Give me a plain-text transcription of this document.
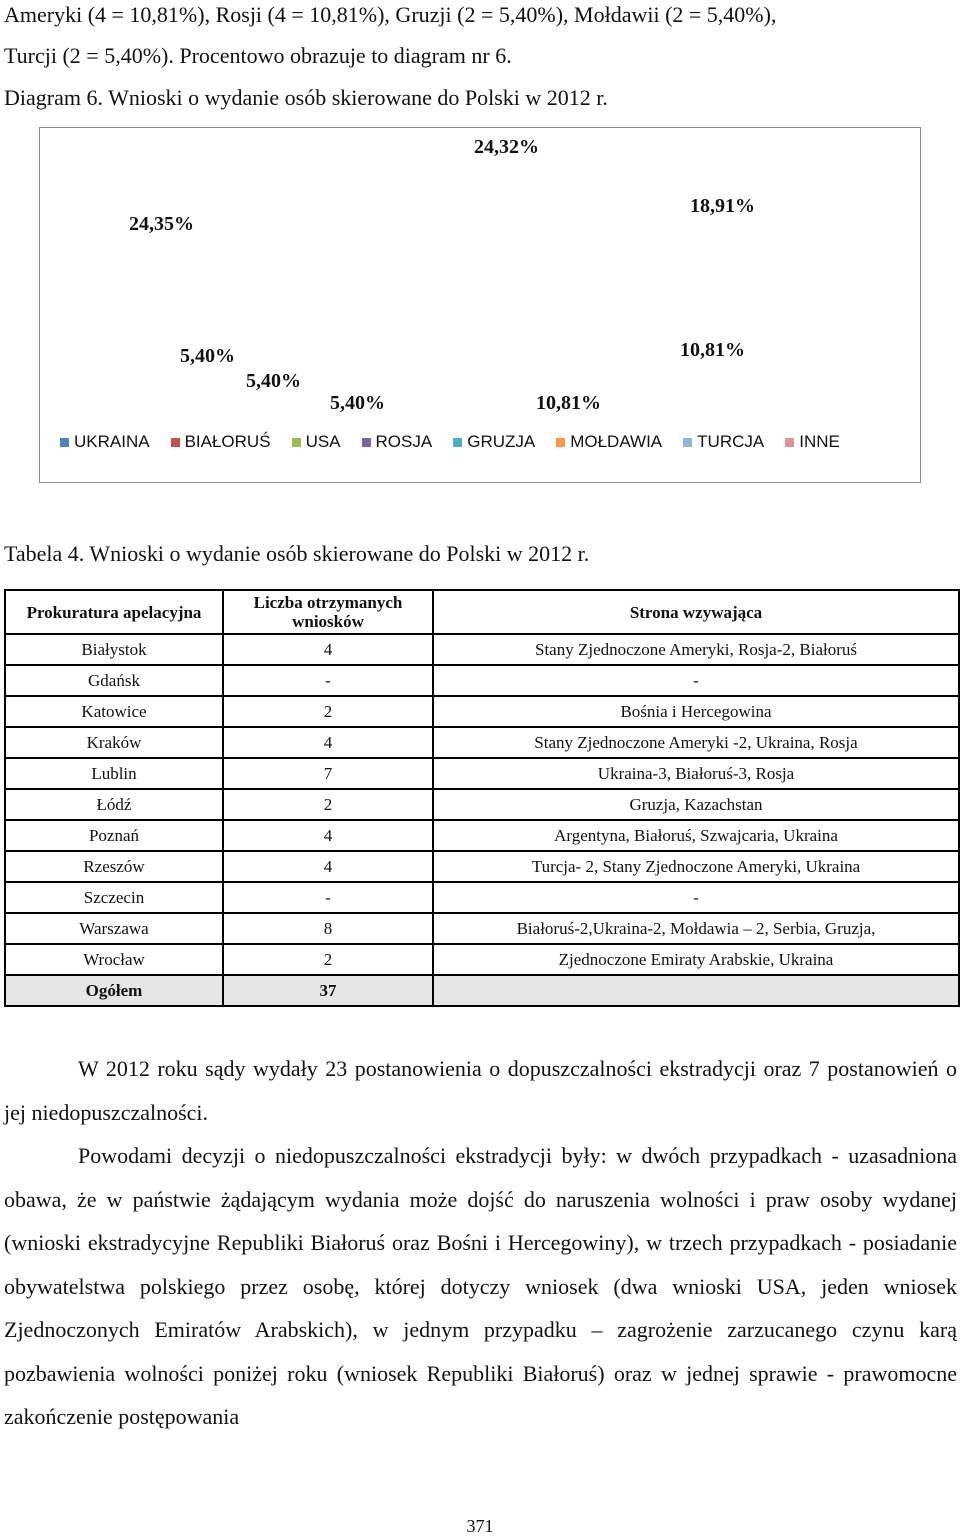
Ameryki (4 = 10,81%), Rosji (4 = 10,81%), Gruzji (2 = 5,40%), Mołdawii (2 = 5,40%),
Turcji (2 = 5,40%). Procentowo obrazuje to diagram nr 6.
Diagram 6. Wnioski o wydanie osób skierowane do Polski w 2012 r.
24,32%
18,91%
10,81%
10,81%
5,40%
5,40%
5,40%
24,35%
UKRAINA BIAŁORUŚ USA ROSJA GRUZJA MOŁDAWIA TURCJA INNE
Tabela 4. Wnioski o wydanie osób skierowane do Polski w 2012 r.
Prokuratura apelacyjna	Liczba otrzymanych wniosków	Strona wzywająca
Białystok	4	Stany Zjednoczone Ameryki, Rosja-2, Białoruś
Gdańsk	-	-
Katowice	2	Bośnia i Hercegowina
Kraków	4	Stany Zjednoczone Ameryki -2, Ukraina, Rosja
Lublin	7	Ukraina-3, Białoruś-3, Rosja
Łódź	2	Gruzja, Kazachstan
Poznań	4	Argentyna, Białoruś, Szwajcaria, Ukraina
Rzeszów	4	Turcja- 2, Stany Zjednoczone Ameryki, Ukraina
Szczecin	-	-
Warszawa	8	Białoruś-2,Ukraina-2, Mołdawia – 2, Serbia, Gruzja,
Wrocław	2	Zjednoczone Emiraty Arabskie, Ukraina
Ogółem	37	

W 2012 roku sądy wydały 23 postanowienia o dopuszczalności ekstradycji oraz 7 postanowień o jej niedopuszczalności.

Powodami decyzji o niedopuszczalności ekstradycji były: w dwóch przypadkach - uzasadniona obawa, że w państwie żądającym wydania może dojść do naruszenia wolności i praw osoby wydanej (wnioski ekstradycyjne Republiki Białoruś oraz Bośni i Hercegowiny), w trzech przypadkach - posiadanie obywatelstwa polskiego przez osobę, której dotyczy wniosek (dwa wnioski USA, jeden wniosek Zjednoczonych Emiratów Arabskich), w jednym przypadku – zagrożenie zarzucanego czynu karą pozbawienia wolności poniżej roku (wniosek Republiki Białoruś) oraz w jednej sprawie - prawomocne zakończenie postępowania

371
